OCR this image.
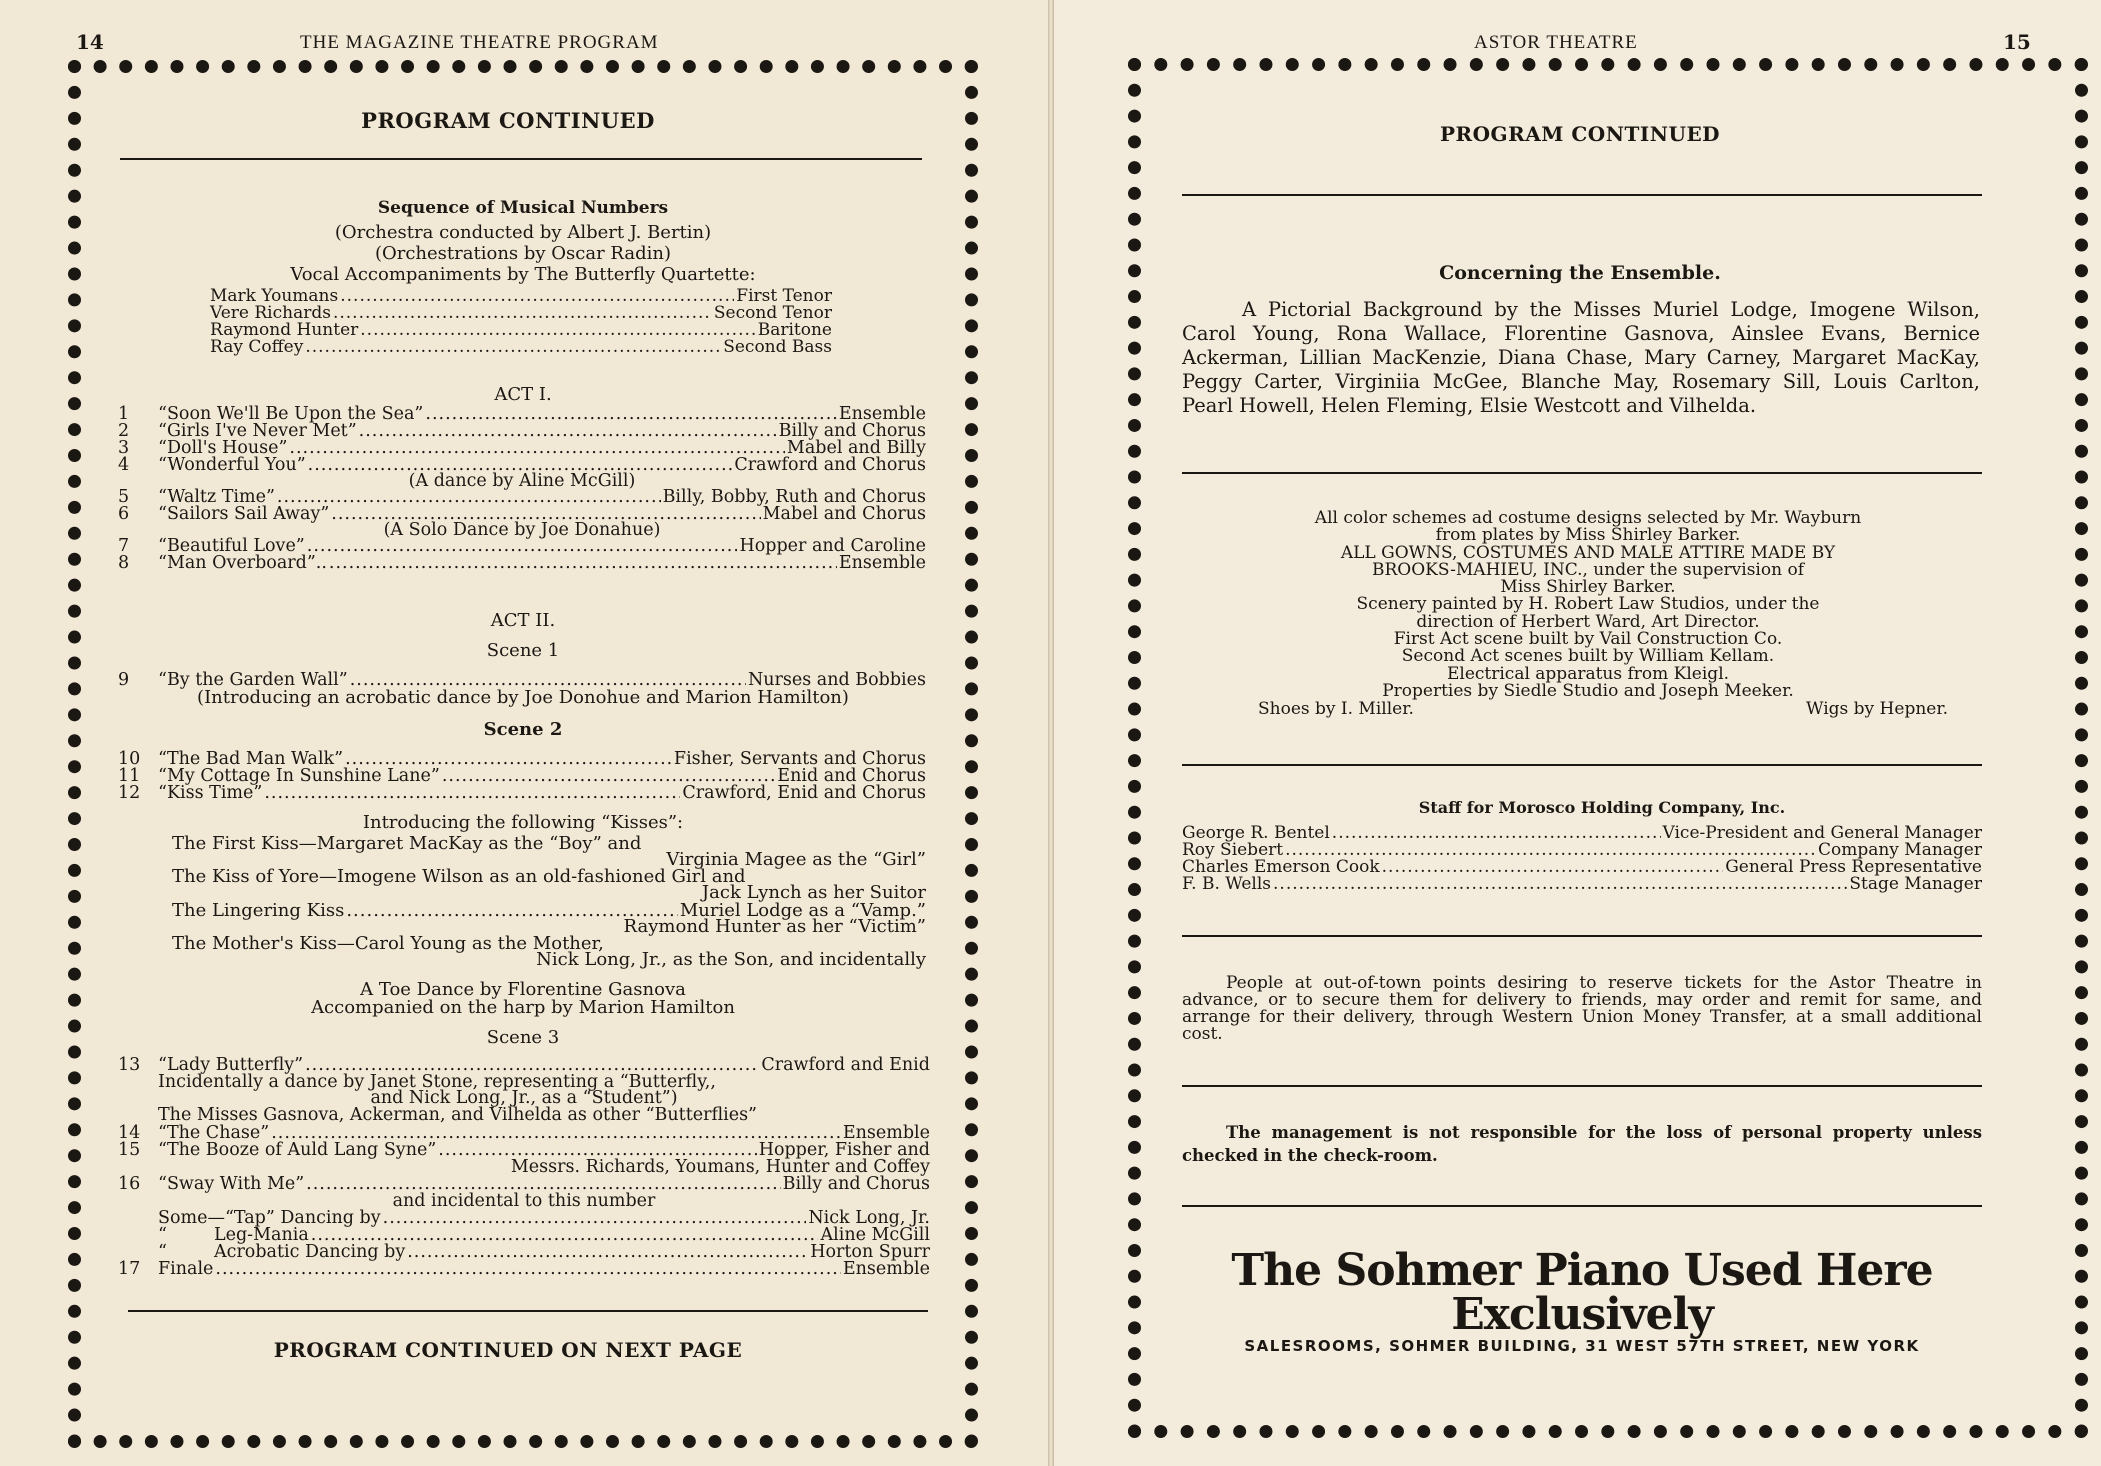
14	THE MAGAZINE THEATRE PROGRAM
PROGRAM CONTINUED
Sequence of Musical Numbers
(Orchestra conducted by Albert J. Bertin)
(Orchestrations by Oscar Radin)
Vocal Accompaniments by The Butterfly Quartette:
Mark Youmans .....	First Tenor
Vere Richards .....	Second Tenor
Raymond Hunter .....	Baritone
Ray Coffey .....	Second Bass
ACT I.
1	“Soon We'll Be Upon the Sea” .....	Ensemble
2	“Girls I've Never Met” .....	Billy and Chorus
3	“Doll's House” .....	Mabel and Billy
4	“Wonderful You” .....	Crawford and Chorus
(A dance by Aline McGill)
5	“Waltz Time” .....	Billy, Bobby, Ruth and Chorus
6	“Sailors Sail Away” .....	Mabel and Chorus
(A Solo Dance by Joe Donahue)
7	“Beautiful Love” .....	Hopper and Caroline
8	“Man Overboard”.. .....	Ensemble
ACT II.
Scene 1
9	“By the Garden Wall” .....	Nurses and Bobbies
(Introducing an acrobatic dance by Joe Donohue and Marion Hamilton)
Scene 2
10	“The Bad Man Walk” .....	Fisher, Servants and Chorus
11	“My Cottage In Sunshine Lane” .....	Enid and Chorus
12	“Kiss Time” .....	Crawford, Enid and Chorus
Introducing the following “Kisses”:
The First Kiss—Margaret MacKay as the “Boy” and
Virginia Magee as the “Girl”
The Kiss of Yore—Imogene Wilson as an old-fashioned Girl and
Jack Lynch as her Suitor
The Lingering Kiss .....	Muriel Lodge as a “Vamp.”
Raymond Hunter as her “Victim”
The Mother's Kiss—Carol Young as the Mother,
Nick Long, Jr., as the Son, and incidentally
A Toe Dance by Florentine Gasnova
Accompanied on the harp by Marion Hamilton
Scene 3
13	“Lady Butterfly” .....	Crawford and Enid
Incidentally a dance by Janet Stone, representing a “Butterfly,,
and Nick Long, Jr., as a “Student”)
The Misses Gasnova, Ackerman, and Vilhelda as other “Butterflies”
14	“The Chase” .....	Ensemble
15	“The Booze of Auld Lang Syne” .....	Hopper, Fisher and
Messrs. Richards, Youmans, Hunter and Coffey
16	“Sway With Me” .....	Billy and Chorus
and incidental to this number
Some— “Tap” Dancing by .....	Nick Long, Jr.
“	Leg-Mania .....	Aline McGill
“	Acrobatic Dancing by .....	Horton Spurr
17	Finale .....	Ensemble
PROGRAM CONTINUED ON NEXT PAGE
ASTOR THEATRE	15
PROGRAM CONTINUED
Concerning the Ensemble.
A Pictorial Background by the Misses Muriel Lodge, Imogene Wilson, Carol Young, Rona Wallace, Florentine Gasnova, Ainslee Evans, Bernice Ackerman, Lillian MacKenzie, Diana Chase, Mary Carney, Margaret MacKay, Peggy Carter, Virginiia McGee, Blanche May, Rosemary Sill, Louis Carlton, Pearl Howell, Helen Fleming, Elsie Westcott and Vilhelda.
All color schemes ad costume designs selected by Mr. Wayburn
from plates by Miss Shirley Barker.
ALL GOWNS, COSTUMES AND MALE ATTIRE MADE BY
BROOKS-MAHIEU, INC., under the supervision of
Miss Shirley Barker.
Scenery painted by H. Robert Law Studios, under the
direction of Herbert Ward, Art Director.
First Act scene built by Vail Construction Co.
Second Act scenes built by William Kellam.
Electrical apparatus from Kleigl.
Properties by Siedle Studio and Joseph Meeker.
Shoes by I. Miller.	Wigs by Hepner.
Staff for Morosco Holding Company, Inc.
George R. Bentel .....	Vice-President and General Manager
Roy Siebert .....	Company Manager
Charles Emerson Cook .....	General Press Representative
F. B. Wells .....	Stage Manager
People at out-of-town points desiring to reserve tickets for the Astor Theatre in advance, or to secure them for delivery to friends, may order and remit for same, and arrange for their delivery, through Western Union Money Transfer, at a small additional cost.
The management is not responsible for the loss of personal property unless checked in the check-room.
The Sohmer Piano Used Here Exclusively
SALESROOMS, SOHMER BUILDING, 31 WEST 57TH STREET, NEW YORK
